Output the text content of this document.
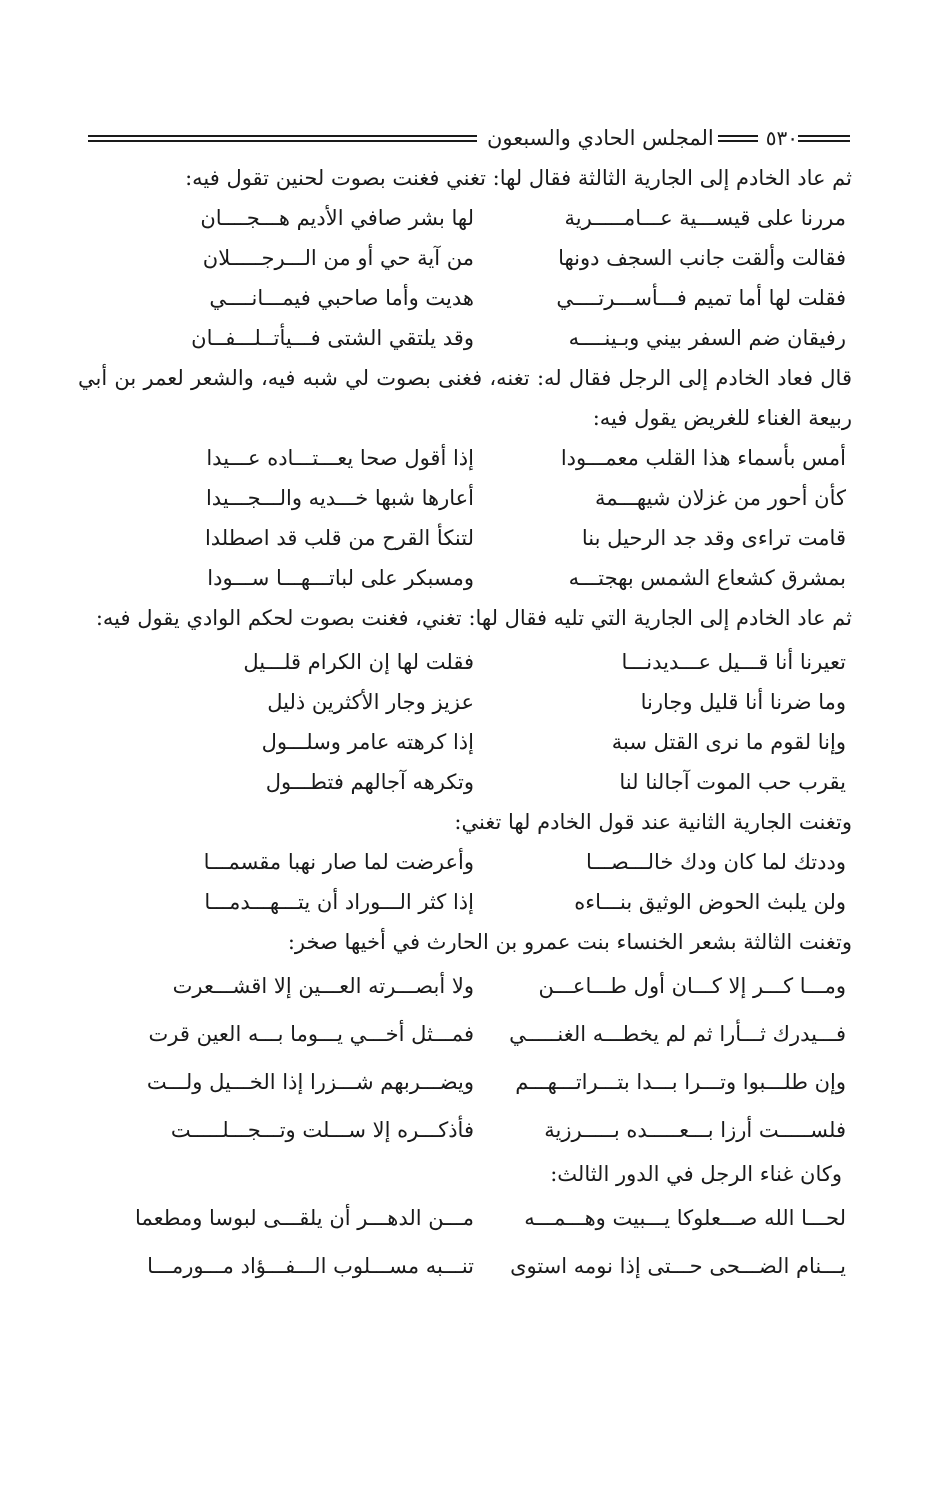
٥٣٠
المجلس الحادي والسبعون

ثم عاد الخادم إلى الجارية الثالثة فقال لها: تغني فغنت بصوت لحنين تقول فيه:

مررنا على قيســـية عـــامـــــرية
لها بشر صافي الأديم هـــجــــان
فقالت وألقت جانب السجف دونها
من آية حي أو من الـــرجـــــلان
فقلت لها أما تميم فـــأســـرتــــي
هديت وأما صاحبي فيمـــانــــي
رفيقان ضم السفر بيني وبـينــــه
وقد يلتقي الشتى فـــيأتــلـــفــان

قال فعاد الخادم إلى الرجل فقال له: تغنه، فغنى بصوت لي شبه فيه، والشعر لعمر بن أبي ربيعة الغناء للغريض يقول فيه:

أمس بأسماء هذا القلب معمـــودا
إذا أقول صحا يعـــتـــاده عـــيدا
كأن أحور من غزلان شيهـــمة
أعارها شبها خـــديه والـــجـــيدا
قامت تراءى وقد جد الرحيل بنا
لتنكأ القرح من قلب قد اصطلدا
بمشرق كشعاع الشمس بهجتـــه
ومسبكر على لباتـــهـــا ســـودا

ثم عاد الخادم إلى الجارية التي تليه فقال لها: تغني، فغنت بصوت لحكم الوادي يقول فيه:

تعيرنا أنا قـــيل عـــديدنـــا
فقلت لها إن الكرام قلـــيل
وما ضرنا أنا قليل وجارنا
عزيز وجار الأكثرين ذليل
وإنا لقوم ما نرى القتل سبة
إذا كرهته عامر وسلـــول
يقرب حب الموت آجالنا لنا
وتكرهه آجالهم فتطـــول

وتغنت الجارية الثانية عند قول الخادم لها تغني:

وددتك لما كان ودك خالـــصـــا
وأعرضت لما صار نهبا مقسمـــا
ولن يلبث الحوض الوثيق بنـــاءه
إذا كثر الـــوراد أن يتـــهـــدمـــا

وتغنت الثالثة بشعر الخنساء بنت عمرو بن الحارث في أخيها صخر:

ومـــا كـــر إلا كـــان أول طـــاعـــن
ولا أبصـــرته العـــين إلا اقشـــعرت
فـــيدرك ثـــأرا ثم لم يخطـــه الغنـــــي
فمـــثل أخـــي يـــوما بـــه العين قرت
وإن طلـــبوا وتـــرا بـــدا بتـــراتـــهـــم
ويضـــربهم شـــزرا إذا الخـــيل ولـــت
فلســـــت أرزا بـــعـــــده بـــــرزية
فأذكـــره إلا ســـلت وتـــجـــلـــــت

وكان غناء الرجل في الدور الثالث:

لحـــا الله صـــعلوكا يـــبيت وهـــمـــه
مـــن الدهـــر أن يلقـــى لبوسا ومطعما
يـــنام الضـــحى حـــتى إذا نومه استوى
تنـــبه مســـلوب الـــفـــؤاد مـــورمـــا
